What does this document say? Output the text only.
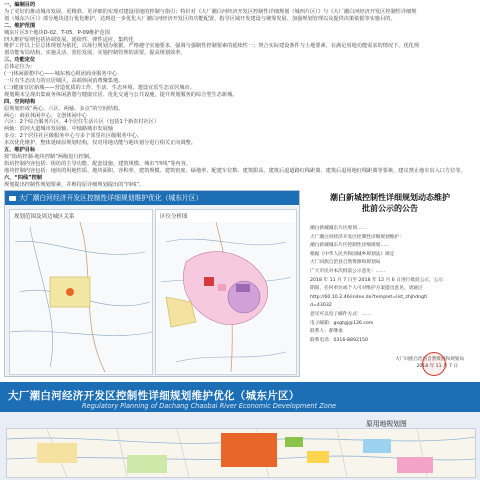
一、编制目的
为了更好的推动城市发展、更精准、更详细的实现对建设用地的控制与指引；特针对《大厂潮白河经济开发区控制性详细规划（城西片区）》与《大厂潮白河经济开发区控制性详细规
划（城东片区）》部分地块进行优化维护，达到进一步优化大厂潮白河经济开发区的功能配置、指导区域开发建设与统筹发展、加强规划管理以及提供决策依据等实施目的。
二、维护范围
城东片区3个地块D-02、T-05、P-09维护范围
四大维护原则包括协调发展、延续性、弹性适应、集约化
维护工作以上位总体规划为依托，以现行规划为依据，严格遵守实施要求，强调与强制性控制要素的延续性一；契合实际建设条件与土地要素，在满足用地功能需求的情况下，优化规
划功能布局结构，实施灵活，宽松发展，实施控制管理的需要，提高规划效率。
三、功能定位
总体定位为：
(一)休闲游憩中心——城东核心组团商业服务中心
一片有生态活力的宜居城区，高端休闲消费聚集地。
(二)健康宜居新城——营造优质的工作、生活、生态环境，建设宜乐生态宜居城市。
规划期末呈现出集商务休闲游憩与健康宜居、优化交通与公共设施，提升规划服务的综合型生态新城。
四、空间结构
原规划形成“两心、六区、两轴、多点”的空间结构。
两心：商业休闲中心、文创休闲中心
六区：2个综合服务片区、4个居住生活片区（包括1个新农村社区）
两轴：滨河大道城市发展轴、中轴路城市发展轴
多点：2个居住社区级服务中心与多个邻里社区级服务中心。
本次优化维护，整体延续原规划结构，仅对用地功能与地块划分进行相关正向调整。
五、维护目标
按“街坊控制-地块控制”两级进行控制。
街坊控制内容包括：街坊的主导功能、配套设施、建筑规模、城市“四线”等内容。
地块控制内容包括：地块的用地性质、地块面积、容积率、建筑规模、建筑密度、绿地率、配建车位数、建筑限高、建筑后退道路红线距离、建筑后退用地红线距离等要素，建议禁止地车出入口方位等。
六、“四线”控制
规划提出控制性规划要素，并维持原详细规划提出的“四线”。
大厂潮白河经济开发区控制性详细规划维护优化（城东片区）
规划范围及周边城区关系	区位分析图
潮白新城控制性详细规划动态维护
批前公示的公告
潮白新城城东片区规划……
大厂潮白河经济开发区控制性详细规划维护：
潮白新城城东片区控制性详细规划……
根据《中华人民共和国城乡规划法》规定
大厂回族自治县自然资源和规划局
广大市民对本次批前公示意见：……
2018 年 11 月 7 日至 2018 年 12 月 6 日进行批前公示，公示
期间，任何单位或个人可对维护方案提出意见，请通过
http://60.10.2.46/index.do?templet=list_zhjhdngti
d=43032
意见可以电子邮件方式：……
电子邮箱：gxgtgj@126.com
联系人：郝继承
联系电话：0316-8892150
大厂回族自治县自然资源和规划局
2018 年 11 月 7 日
大厂潮白河经济开发区控制性详细规划维护优化（城东片区）
Regulatory Planning of Dachang Chaobai River Economic Development Zone
原用地规划图
